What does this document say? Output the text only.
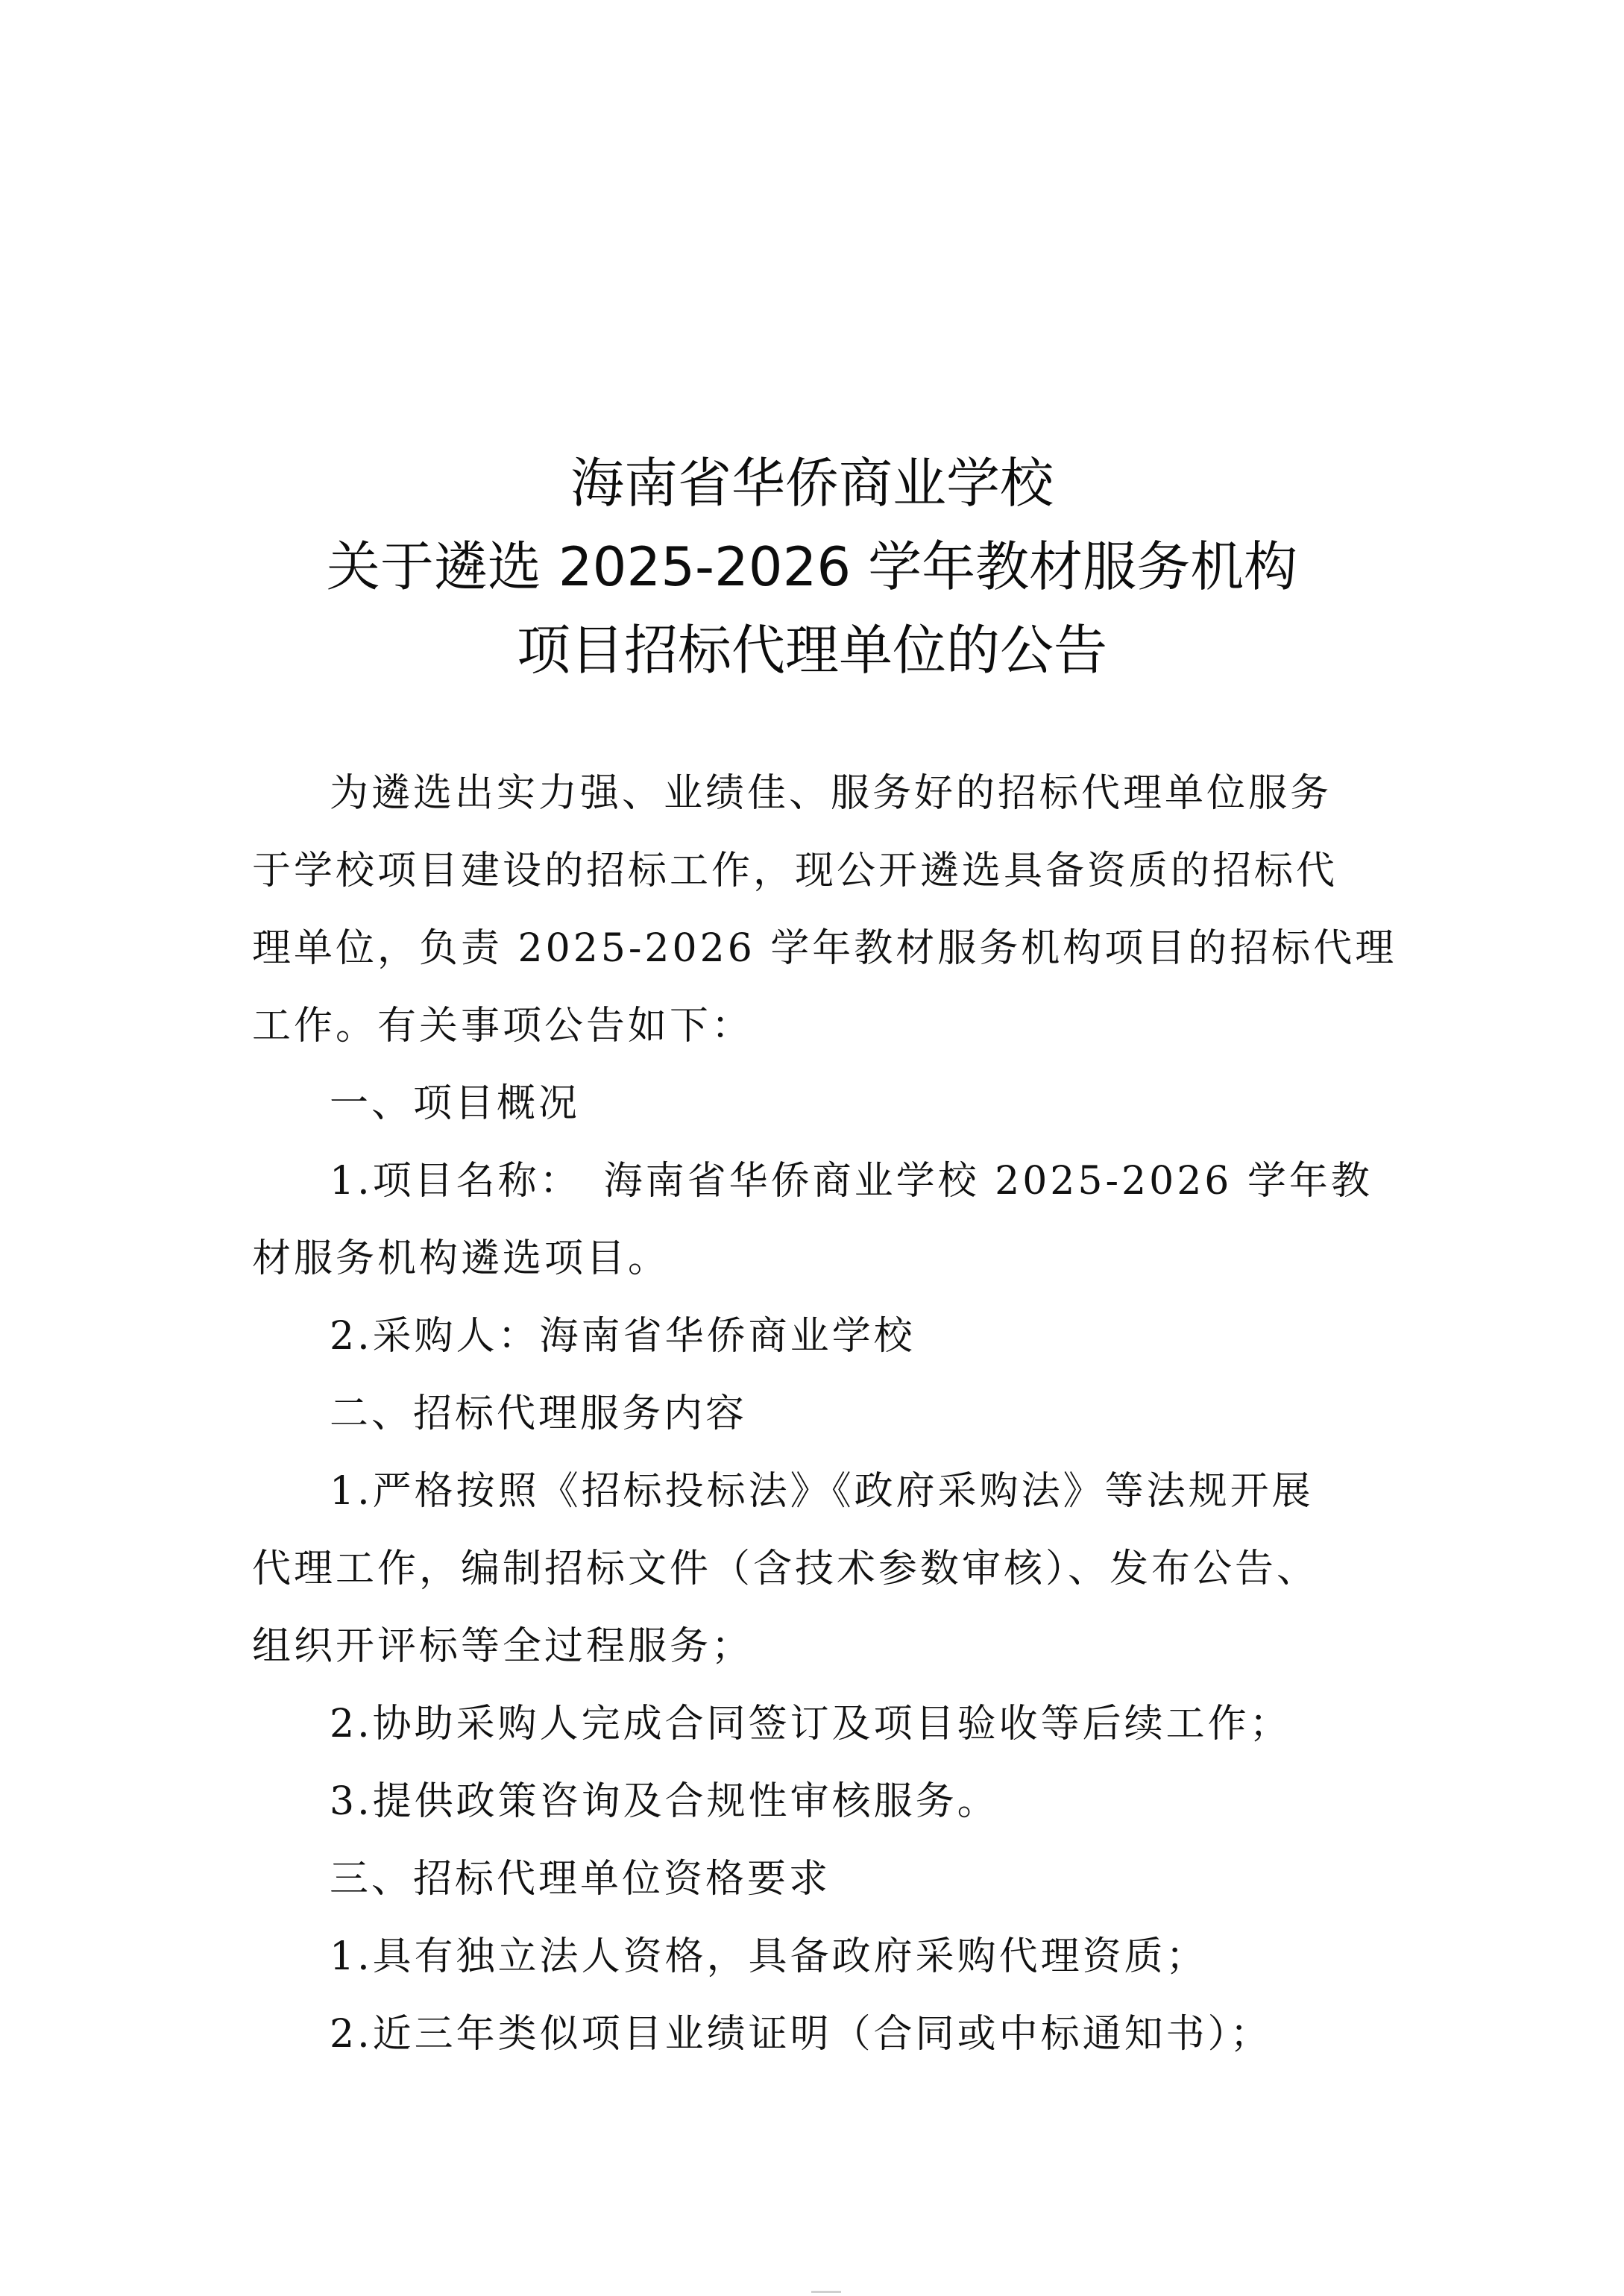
海南省华侨商业学校
关于遴选 2025-2026 学年教材服务机构
项目招标代理单位的公告

为遴选出实力强、业绩佳、服务好的招标代理单位服务

于学校项目建设的招标工作，现公开遴选具备资质的招标代

理单位，负责 2025-2026 学年教材服务机构项目的招标代理

工作。有关事项公告如下：

一、项目概况

1.项目名称：　海南省华侨商业学校 2025-2026 学年教

材服务机构遴选项目。

2.采购人：海南省华侨商业学校

二、招标代理服务内容

1.严格按照《招标投标法》《政府采购法》等法规开展

代理工作，编制招标文件（含技术参数审核）、发布公告、

组织开评标等全过程服务；

2.协助采购人完成合同签订及项目验收等后续工作；

3.提供政策咨询及合规性审核服务。

三、招标代理单位资格要求

1.具有独立法人资格，具备政府采购代理资质；

2.近三年类似项目业绩证明（合同或中标通知书）；
